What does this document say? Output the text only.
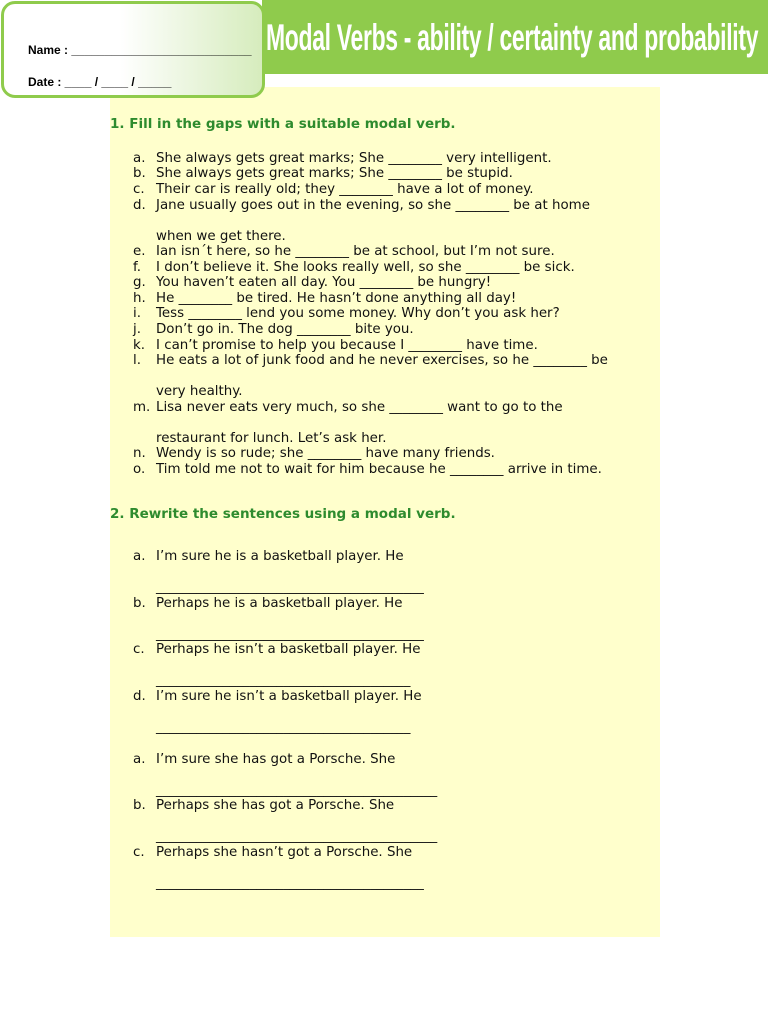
Modal Verbs - ability / certainty and probability
Name : ___________________________
Date : ____ / ____ / _____
1. Fill in the gaps with a suitable modal verb.
a. She always gets great marks; She ________ very intelligent.
b. She always gets great marks; She ________ be stupid.
c. Their car is really old; they ________ have a lot of money.
d. Jane usually goes out in the evening, so she ________ be at home
when we get there.
e. Ian isn´t here, so he ________ be at school, but I’m not sure.
f. I don’t believe it. She looks really well, so she ________ be sick.
g. You haven’t eaten all day. You ________ be hungry!
h. He ________ be tired. He hasn’t done anything all day!
i. Tess ________ lend you some money. Why don’t you ask her?
j. Don’t go in. The dog ________ bite you.
k. I can’t promise to help you because I ________ have time.
l. He eats a lot of junk food and he never exercises, so he ________ be
very healthy.
m. Lisa never eats very much, so she ________ want to go to the
restaurant for lunch. Let’s ask her.
n. Wendy is so rude; she ________ have many friends.
o. Tim told me not to wait for him because he ________ arrive in time.
2. Rewrite the sentences using a modal verb.
a. I’m sure he is a basketball player. He
________________________________________
b. Perhaps he is a basketball player. He
________________________________________
c. Perhaps he isn’t a basketball player. He
______________________________________
d. I’m sure he isn’t a basketball player. He
______________________________________
a. I’m sure she has got a Porsche. She
__________________________________________
b. Perhaps she has got a Porsche. She
__________________________________________
c. Perhaps she hasn’t got a Porsche. She
________________________________________
